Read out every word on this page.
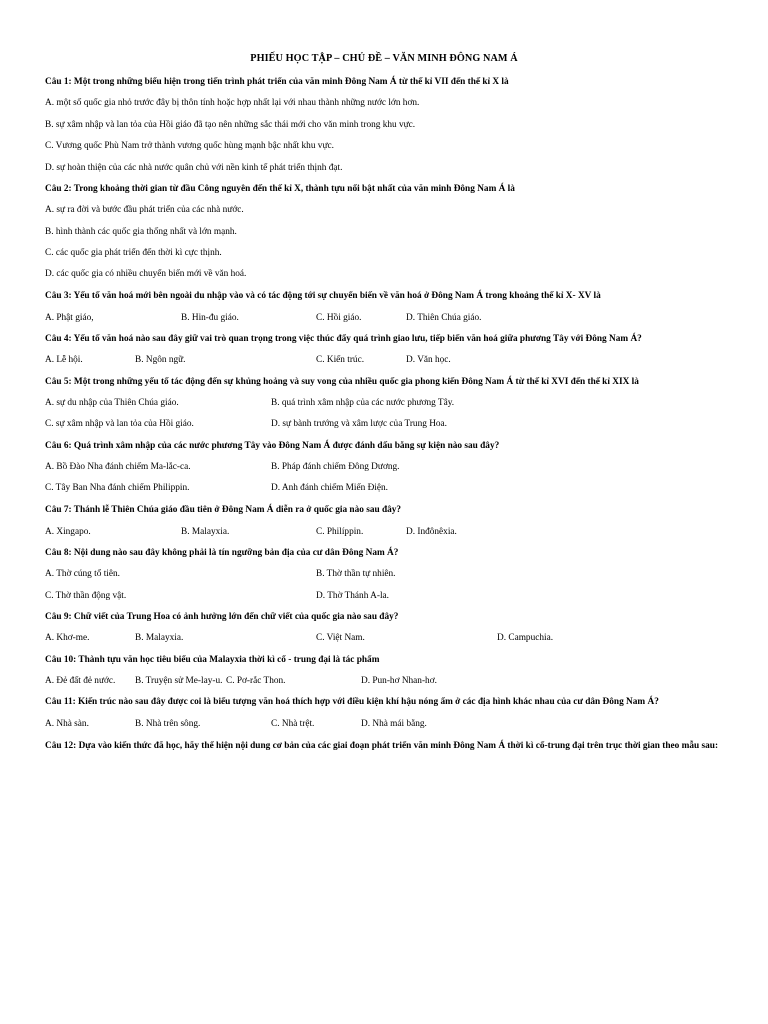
PHIẾU HỌC TẬP – CHỦ ĐỀ – VĂN MINH ĐÔNG NAM Á
Câu 1: Một trong những biểu hiện trong tiến trình phát triển của văn minh Đông Nam Á từ thế kỉ VII đến thế kỉ X là
A. một số quốc gia nhỏ trước đây bị thôn tính hoặc hợp nhất lại với nhau thành những nước lớn hơn.
B. sự xâm nhập và lan tỏa của Hồi giáo đã tạo nên những sắc thái mới cho văn minh trong khu vực.
C. Vương quốc Phù Nam trở thành vương quốc hùng mạnh bậc nhất khu vực.
D. sự hoàn thiện của các nhà nước quân chủ với nền kinh tế phát triển thịnh đạt.
Câu 2: Trong khoảng thời gian từ đầu Công nguyên đến thế kỉ X, thành tựu nổi bật nhất của văn minh Đông Nam Á là
A. sự ra đời và bước đầu phát triển của các nhà nước.
B. hình thành các quốc gia thống nhất và lớn mạnh.
C. các quốc gia phát triển đến thời kì cực thịnh.
D. các quốc gia có nhiều chuyển biến mới về văn hoá.
Câu 3: Yếu tố văn hoá mới bên ngoài du nhập vào và có tác động tới sự chuyển biến về văn hoá ở Đông Nam Á trong khoảng thế kỉ X- XV là
A. Phật giáo,	B. Hin-đu giáo.	C. Hồi giáo.	D. Thiên Chúa giáo.
Câu 4: Yếu tố văn hoá nào sau đây giữ vai trò quan trọng trong việc thúc đẩy quá trình giao lưu, tiếp biến văn hoá giữa phương Tây với Đông Nam Á?
A. Lễ hội.	B. Ngôn ngữ.	C. Kiến trúc.	D. Văn học.
Câu 5: Một trong những yếu tố tác động đến sự khủng hoảng và suy vong của nhiều quốc gia phong kiến Đông Nam Á từ thế kỉ XVI đến thế kỉ XIX là
A. sự du nhập của Thiên Chúa giáo.	B. quá trình xâm nhập của các nước phương Tây.
C. sự xâm nhập và lan tỏa của Hồi giáo.	D. sự bành trướng và xâm lược của Trung Hoa.
Câu 6: Quá trình xâm nhập của các nước phương Tây vào Đông Nam Á được đánh dấu bằng sự kiện nào sau đây?
A. Bồ Đào Nha đánh chiếm Ma-lắc-ca.	B. Pháp đánh chiếm Đông Dương.
C. Tây Ban Nha đánh chiếm Philippin.	D. Anh đánh chiếm Miến Điện.
Câu 7: Thánh lễ Thiên Chúa giáo đầu tiên ở Đông Nam Á diễn ra ở quốc gia nào sau đây?
A. Xingapo.	B. Malayxia.	C. Philíppin.	D. Inđônêxia.
Câu 8: Nội dung nào sau đây không phải là tín ngưỡng bản địa của cư dân Đông Nam Á?
A. Thờ cúng tổ tiên.	B. Thờ thần tự nhiên.
C. Thờ thần động vật.	D. Thờ Thánh A-la.
Câu 9: Chữ viết của Trung Hoa có ảnh hưởng lớn đến chữ viết của quốc gia nào sau đây?
A. Khơ-me.	B. Malayxia.	C. Việt Nam.	D. Campuchia.
Câu 10: Thành tựu văn học tiêu biểu của Malayxia thời kì cổ - trung đại là tác phẩm
A. Đẻ đất đẻ nước. B. Truyện sử Me-lay-u. C. Pơ-rắc Thon.	D. Pun-hơ Nhan-hơ.
Câu 11: Kiến trúc nào sau đây được coi là biểu tượng văn hoá thích hợp với điều kiện khí hậu nóng ẩm ở các địa hình khác nhau của cư dân Đông Nam Á?
A. Nhà sàn.	B. Nhà trên sông.	C. Nhà trệt.	D. Nhà mái bằng.
Câu 12: Dựa vào kiến thức đã học, hãy thể hiện nội dung cơ bản của các giai đoạn phát triển văn minh Đông Nam Á thời kì cổ-trung đại trên trục thời gian theo mẫu sau:
